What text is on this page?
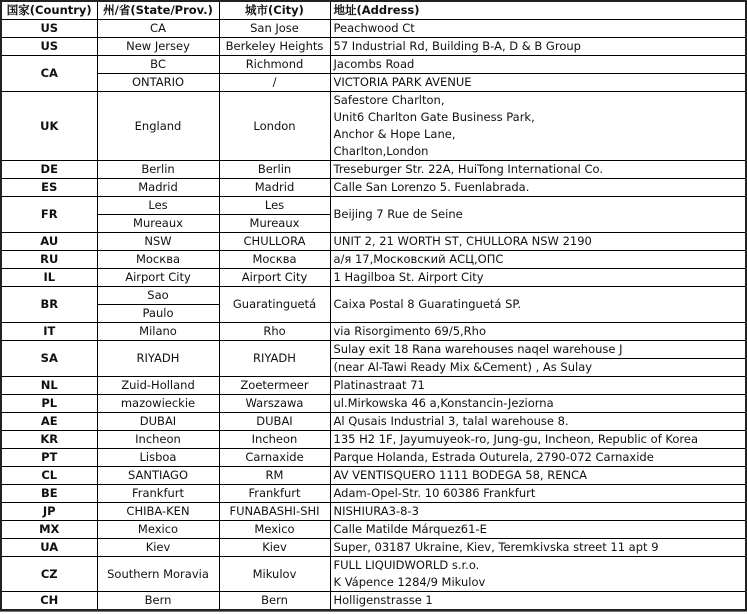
国家(Country)	州/省(State/Prov.)	城市(City)	地址(Address)
US	CA	San Jose	Peachwood Ct
US	New Jersey	Berkeley Heights	57 Industrial Rd, Building B-A, D & B Group
CA	BC	Richmond	Jacombs Road
	ONTARIO	/	VICTORIA PARK AVENUE
UK	England	London	Safestore Charlton,
Unit6 Charlton Gate Business Park,
Anchor & Hope Lane,
Charlton,London

DE	Berlin	Berlin	Treseburger Str. 22A, HuiTong International Co.
ES	Madrid	Madrid	Calle San Lorenzo 5. Fuenlabrada.
FR	Les	Les	Beijing 7 Rue de Seine
	Mureaux	Mureaux	
AU	NSW	CHULLORA	UNIT 2, 21 WORTH ST, CHULLORA NSW 2190
RU	Москва	Москва	а/я 17,Московский АСЦ,ОПС
IL	Airport City	Airport City	1 Hagilboa St. Airport City
BR	Sao	Guaratinguetá	Caixa Postal 8 Guaratinguetá SP.
	Paulo		
IT	Milano	Rho	via Risorgimento 69/5,Rho
SA	RIYADH	RIYADH	Sulay exit 18 Rana warehouses naqel warehouse J
			(near Al-Tawi Ready Mix &Cement) , As Sulay
NL	Zuid-Holland	Zoetermeer	Platinastraat 71
PL	mazowieckie	Warszawa	ul.Mirkowska 46 a,Konstancin-Jeziorna
AE	DUBAI	DUBAI	Al Qusais Industrial 3, talal warehouse 8.
KR	Incheon	Incheon	135 H2 1F, Jayumuyeok-ro, Jung-gu, Incheon, Republic of Korea
PT	Lisboa	Carnaxide	Parque Holanda, Estrada Outurela, 2790-072 Carnaxide
CL	SANTIAGO	RM	AV VENTISQUERO 1111 BODEGA 58, RENCA
BE	Frankfurt	Frankfurt	Adam-Opel-Str. 10 60386 Frankfurt
JP	CHIBA-KEN	FUNABASHI-SHI	NISHIURA3-8-3
MX	Mexico	Mexico	Calle Matilde Márquez61-E
UA	Kiev	Kiev	Super, 03187 Ukraine, Kiev, Teremkivska street 11 apt 9
CZ	Southern Moravia	Mikulov	FULL LIQUIDWORLD s.r.o.
K Vápence 1284/9 Mikulov

CH	Bern	Bern	Holligenstrasse 1
